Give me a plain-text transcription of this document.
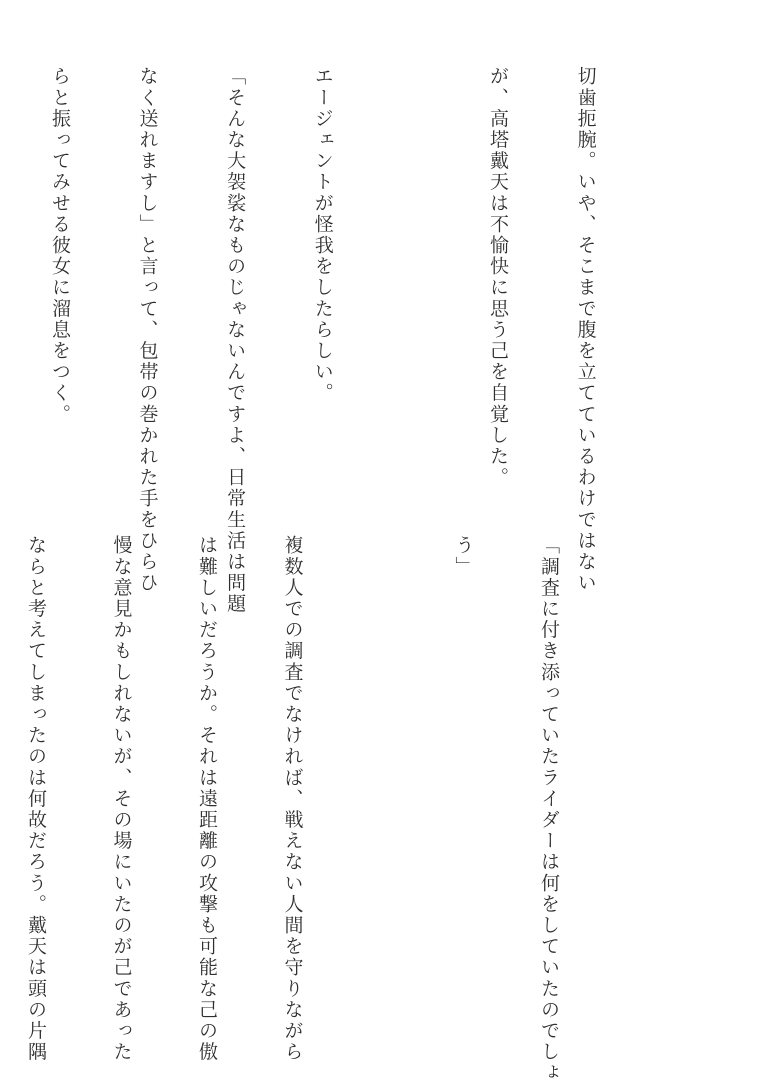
切歯扼腕。いや、そこまで腹を立てているわけではない

が、高塔戴天は不愉快に思う己を自覚した。

エージェントが怪我をしたらしい。

「そんな大袈裟なものじゃないんですよ、日常生活は問題

なく送れますし」と言って、包帯の巻かれた手をひらひ

らと振ってみせる彼女に溜息をつく。

「調査に付き添っていたライダーは何をしていたのでしょ

う」

複数人での調査でなければ、戦えない人間を守りながら

は難しいだろうか。それは遠距離の攻撃も可能な己の傲

慢な意見かもしれないが、その場にいたのが己であった

ならと考えてしまったのは何故だろう。戴天は頭の片隅
